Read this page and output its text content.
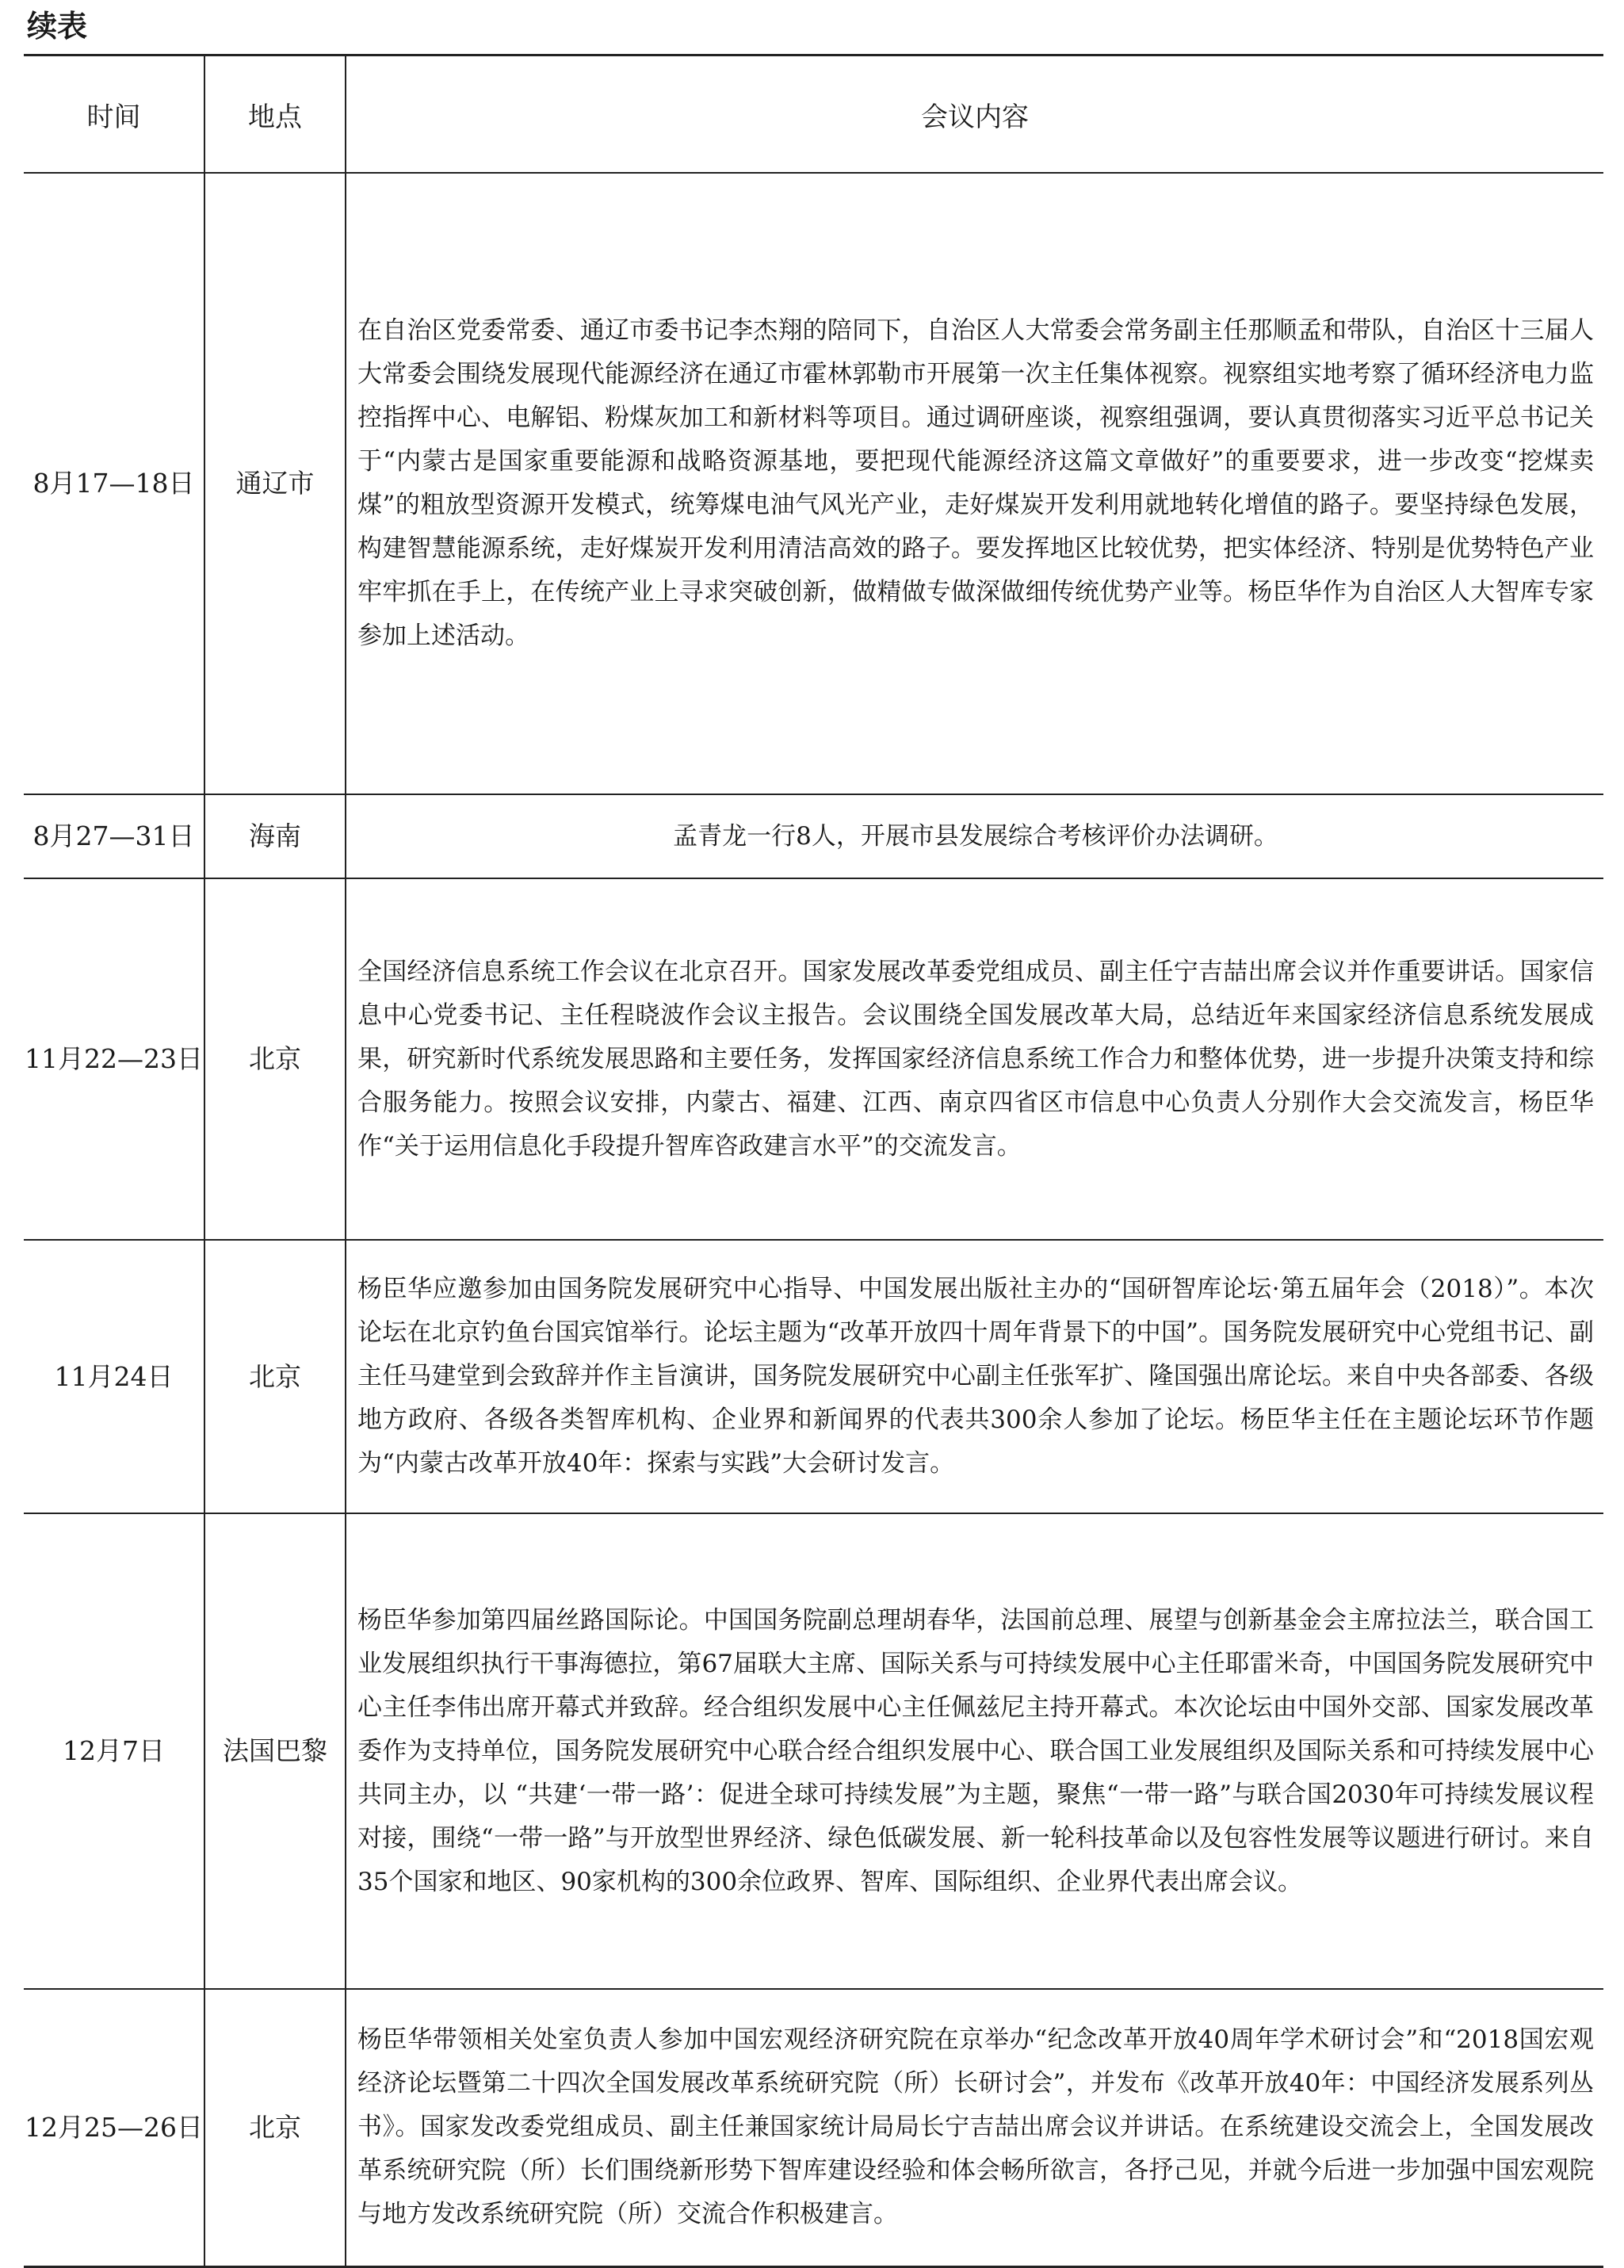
续表
时间	地点	会议内容
8月17—18日	通辽市	在自治区党委常委、通辽市委书记李杰翔的陪同下，自治区人大常委会常务副主任那顺孟和带队，自治区十三届人大常委会围绕发展现代能源经济在通辽市霍林郭勒市开展第一次主任集体视察。视察组实地考察了循环经济电力监控指挥中心、电解铝、粉煤灰加工和新材料等项目。通过调研座谈，视察组强调，要认真贯彻落实习近平总书记关于“内蒙古是国家重要能源和战略资源基地，要把现代能源经济这篇文章做好”的重要要求，进一步改变“挖煤卖煤”的粗放型资源开发模式，统筹煤电油气风光产业，走好煤炭开发利用就地转化增值的路子。要坚持绿色发展，构建智慧能源系统，走好煤炭开发利用清洁高效的路子。要发挥地区比较优势，把实体经济、特别是优势特色产业牢牢抓在手上，在传统产业上寻求突破创新，做精做专做深做细传统优势产业等。杨臣华作为自治区人大智库专家参加上述活动。
8月27—31日	海南	孟青龙一行8人，开展市县发展综合考核评价办法调研。
11月22—23日	北京	全国经济信息系统工作会议在北京召开。国家发展改革委党组成员、副主任宁吉喆出席会议并作重要讲话。国家信息中心党委书记、主任程晓波作会议主报告。会议围绕全国发展改革大局，总结近年来国家经济信息系统发展成果，研究新时代系统发展思路和主要任务，发挥国家经济信息系统工作合力和整体优势，进一步提升决策支持和综合服务能力。按照会议安排，内蒙古、福建、江西、南京四省区市信息中心负责人分别作大会交流发言，杨臣华作“关于运用信息化手段提升智库咨政建言水平”的交流发言。
11月24日	北京	杨臣华应邀参加由国务院发展研究中心指导、中国发展出版社主办的“国研智库论坛·第五届年会（2018）”。本次论坛在北京钓鱼台国宾馆举行。论坛主题为“改革开放四十周年背景下的中国”。国务院发展研究中心党组书记、副主任马建堂到会致辞并作主旨演讲，国务院发展研究中心副主任张军扩、隆国强出席论坛。来自中央各部委、各级地方政府、各级各类智库机构、企业界和新闻界的代表共300余人参加了论坛。杨臣华主任在主题论坛环节作题为“内蒙古改革开放40年：探索与实践”大会研讨发言。
12月7日	法国巴黎	杨臣华参加第四届丝路国际论。中国国务院副总理胡春华，法国前总理、展望与创新基金会主席拉法兰，联合国工业发展组织执行干事海德拉，第67届联大主席、国际关系与可持续发展中心主任耶雷米奇，中国国务院发展研究中心主任李伟出席开幕式并致辞。经合组织发展中心主任佩兹尼主持开幕式。本次论坛由中国外交部、国家发展改革委作为支持单位，国务院发展研究中心联合经合组织发展中心、联合国工业发展组织及国际关系和可持续发展中心共同主办，以 “共建‘一带一路’：促进全球可持续发展”为主题，聚焦“一带一路”与联合国2030年可持续发展议程对接，围绕“一带一路”与开放型世界经济、绿色低碳发展、新一轮科技革命以及包容性发展等议题进行研讨。来自35个国家和地区、90家机构的300余位政界、智库、国际组织、企业界代表出席会议。
12月25—26日	北京	杨臣华带领相关处室负责人参加中国宏观经济研究院在京举办“纪念改革开放40周年学术研讨会”和“2018国宏观经济论坛暨第二十四次全国发展改革系统研究院（所）长研讨会”，并发布《改革开放40年：中国经济发展系列丛书》。国家发改委党组成员、副主任兼国家统计局局长宁吉喆出席会议并讲话。在系统建设交流会上，全国发展改革系统研究院（所）长们围绕新形势下智库建设经验和体会畅所欲言，各抒己见，并就今后进一步加强中国宏观院与地方发改系统研究院（所）交流合作积极建言。
